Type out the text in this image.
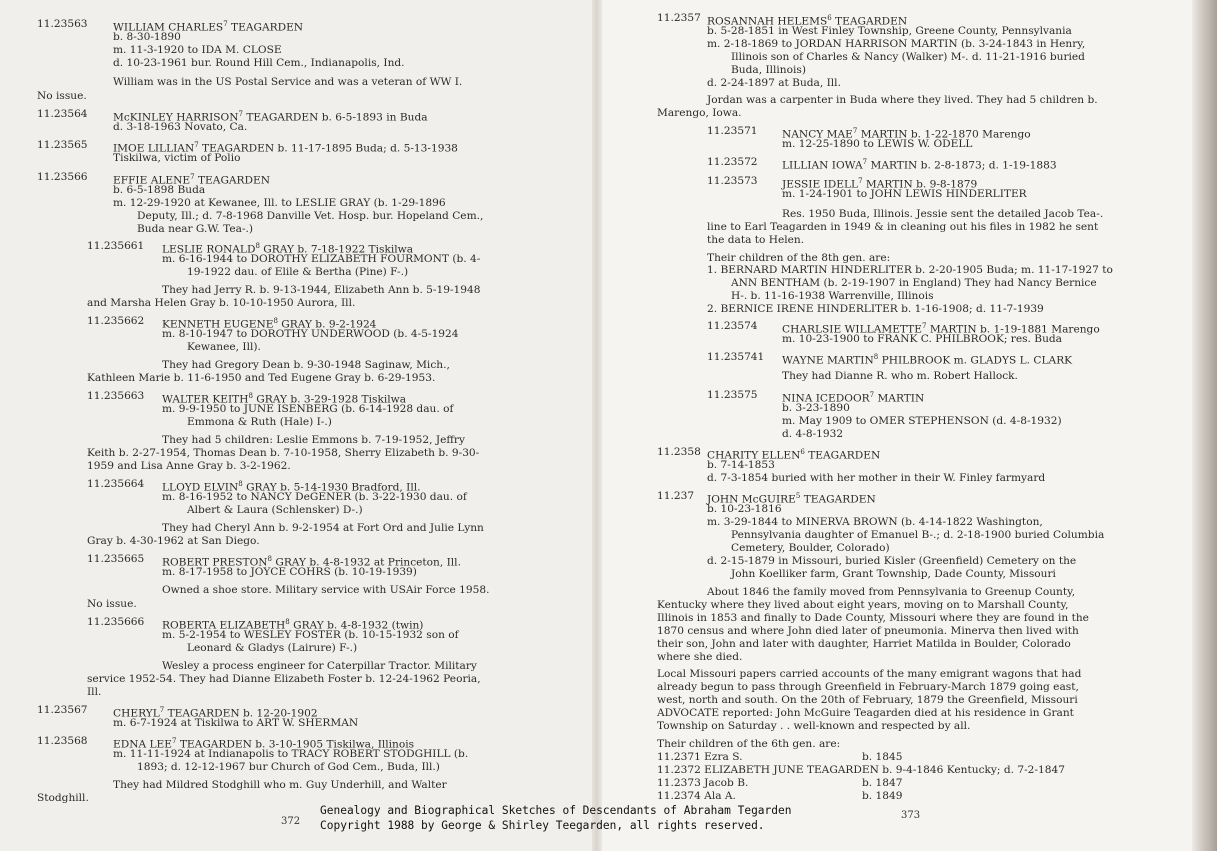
11.23563 WILLIAM CHARLES$^7$ TEAGARDEN
b. 8-30-1890
m. 11-3-1920 to IDA M. CLOSE
d. 10-23-1961 bur. Round Hill Cem., Indianapolis, Ind.
William was in the US Postal Service and was a veteran of WW I.
No issue.
11.23564 McKINLEY HARRISON$^7$ TEAGARDEN b. 6-5-1893 in Buda
d. 3-18-1963 Novato, Ca.
11.23565 IMOE LILLIAN$^7$ TEAGARDEN b. 11-17-1895 Buda; d. 5-13-1938
Tiskilwa, victim of Polio
11.23566 EFFIE ALENE$^7$ TEAGARDEN
b. 6-5-1898 Buda
m. 12-29-1920 at Kewanee, Ill. to LESLIE GRAY (b. 1-29-1896
Deputy, Ill.; d. 7-8-1968 Danville Vet. Hosp. bur. Hopeland Cem.,
Buda near G.W. Tea-.)
11.235661 LESLIE RONALD$^8$ GRAY b. 7-18-1922 Tiskilwa
m. 6-16-1944 to DOROTHY ELIZABETH FOURMONT (b. 4-
19-1922 dau. of Elile & Bertha (Pine) F-.)
They had Jerry R. b. 9-13-1944, Elizabeth Ann b. 5-19-1948
and Marsha Helen Gray b. 10-10-1950 Aurora, Ill.
11.235662 KENNETH EUGENE$^8$ GRAY b. 9-2-1924
m. 8-10-1947 to DOROTHY UNDERWOOD (b. 4-5-1924
Kewanee, Ill).
They had Gregory Dean b. 9-30-1948 Saginaw, Mich.,
Kathleen Marie b. 11-6-1950 and Ted Eugene Gray b. 6-29-1953.
11.235663 WALTER KEITH$^8$ GRAY b. 3-29-1928 Tiskilwa
m. 9-9-1950 to JUNE ISENBERG (b. 6-14-1928 dau. of
Emmona & Ruth (Hale) I-.)
They had 5 children: Leslie Emmons b. 7-19-1952, Jeffry
Keith b. 2-27-1954, Thomas Dean b. 7-10-1958, Sherry Elizabeth b. 9-30-
1959 and Lisa Anne Gray b. 3-2-1962.
11.235664 LLOYD ELVIN$^8$ GRAY b. 5-14-1930 Bradford, Ill.
m. 8-16-1952 to NANCY DeGENER (b. 3-22-1930 dau. of
Albert & Laura (Schlensker) D-.)
They had Cheryl Ann b. 9-2-1954 at Fort Ord and Julie Lynn
Gray b. 4-30-1962 at San Diego.
11.235665 ROBERT PRESTON$^8$ GRAY b. 4-8-1932 at Princeton, Ill.
m. 8-17-1958 to JOYCE COHRS (b. 10-19-1939)
Owned a shoe store. Military service with USAir Force 1958.
No issue.
11.235666 ROBERTA ELIZABETH$^8$ GRAY b. 4-8-1932 (twin)
m. 5-2-1954 to WESLEY FOSTER (b. 10-15-1932 son of
Leonard & Gladys (Lairure) F-.)
Wesley a process engineer for Caterpillar Tractor. Military
service 1952-54. They had Dianne Elizabeth Foster b. 12-24-1962 Peoria,
Ill.
11.23567 CHERYL$^7$ TEAGARDEN b. 12-20-1902
m. 6-7-1924 at Tiskilwa to ART W. SHERMAN
11.23568 EDNA LEE$^7$ TEAGARDEN b. 3-10-1905 Tiskilwa, Illinois
m. 11-11-1924 at Indianapolis to TRACY ROBERT STODGHILL (b.
1893; d. 12-12-1967 bur Church of God Cem., Buda, Ill.)
They had Mildred Stodghill who m. Guy Underhill, and Walter
Stodghill.
11.2357 ROSANNAH HELEMS$^6$ TEAGARDEN
b. 5-28-1851 in West Finley Township, Greene County, Pennsylvania
m. 2-18-1869 to JORDAN HARRISON MARTIN (b. 3-24-1843 in Henry,
Illinois son of Charles & Nancy (Walker) M-. d. 11-21-1916 buried
Buda, Illinois)
d. 2-24-1897 at Buda, Ill.
Jordan was a carpenter in Buda where they lived. They had 5 children b.
Marengo, Iowa.
11.23571 NANCY MAE$^7$ MARTIN b. 1-22-1870 Marengo
m. 12-25-1890 to LEWIS W. ODELL
11.23572 LILLIAN IOWA$^7$ MARTIN b. 2-8-1873; d. 1-19-1883
11.23573 JESSIE IDELL$^7$ MARTIN b. 9-8-1879
m. 1-24-1901 to JOHN LEWIS HINDERLITER
Res. 1950 Buda, Illinois. Jessie sent the detailed Jacob Tea-.
line to Earl Teagarden in 1949 & in cleaning out his files in 1982 he sent
the data to Helen.
Their children of the 8th gen. are:
1. BERNARD MARTIN HINDERLITER b. 2-20-1905 Buda; m. 11-17-1927 to
ANN BENTHAM (b. 2-19-1907 in England) They had Nancy Bernice
H-. b. 11-16-1938 Warrenville, Illinois
2. BERNICE IRENE HINDERLITER b. 1-16-1908; d. 11-7-1939
11.23574 CHARLSIE WILLAMETTE$^7$ MARTIN b. 1-19-1881 Marengo
m. 10-23-1900 to FRANK C. PHILBROOK; res. Buda
11.235741 WAYNE MARTIN$^8$ PHILBROOK m. GLADYS L. CLARK
They had Dianne R. who m. Robert Hallock.
11.23575 NINA ICEDOOR$^7$ MARTIN
b. 3-23-1890
m. May 1909 to OMER STEPHENSON (d. 4-8-1932)
d. 4-8-1932
11.2358 CHARITY ELLEN$^6$ TEAGARDEN
b. 7-14-1853
d. 7-3-1854 buried with her mother in their W. Finley farmyard
11.237 JOHN McGUIRE$^5$ TEAGARDEN
b. 10-23-1816
m. 3-29-1844 to MINERVA BROWN (b. 4-14-1822 Washington,
Pennsylvania daughter of Emanuel B-.; d. 2-18-1900 buried Columbia
Cemetery, Boulder, Colorado)
d. 2-15-1879 in Missouri, buried Kisler (Greenfield) Cemetery on the
John Koelliker farm, Grant Township, Dade County, Missouri
About 1846 the family moved from Pennsylvania to Greenup County,
Kentucky where they lived about eight years, moving on to Marshall County,
Illinois in 1853 and finally to Dade County, Missouri where they are found in the
1870 census and where John died later of pneumonia. Minerva then lived with
their son, John and later with daughter, Harriet Matilda in Boulder, Colorado
where she died.
Local Missouri papers carried accounts of the many emigrant wagons that had
already begun to pass through Greenfield in February-March 1879 going east,
west, north and south. On the 20th of February, 1879 the Greenfield, Missouri
ADVOCATE reported: John McGuire Teagarden died at his residence in Grant
Township on Saturday . . well-known and respected by all.
Their children of the 6th gen. are:
11.2371 Ezra S.	b. 1845
11.2372 ELIZABETH JUNE TEAGARDEN b. 9-4-1846 Kentucky; d. 7-2-1847
11.2373 Jacob B.	b. 1847
11.2374 Ala A.	b. 1849
372
373
Genealogy and Biographical Sketches of Descendants of Abraham Tegarden
Copyright 1988 by George & Shirley Teegarden, all rights reserved.
